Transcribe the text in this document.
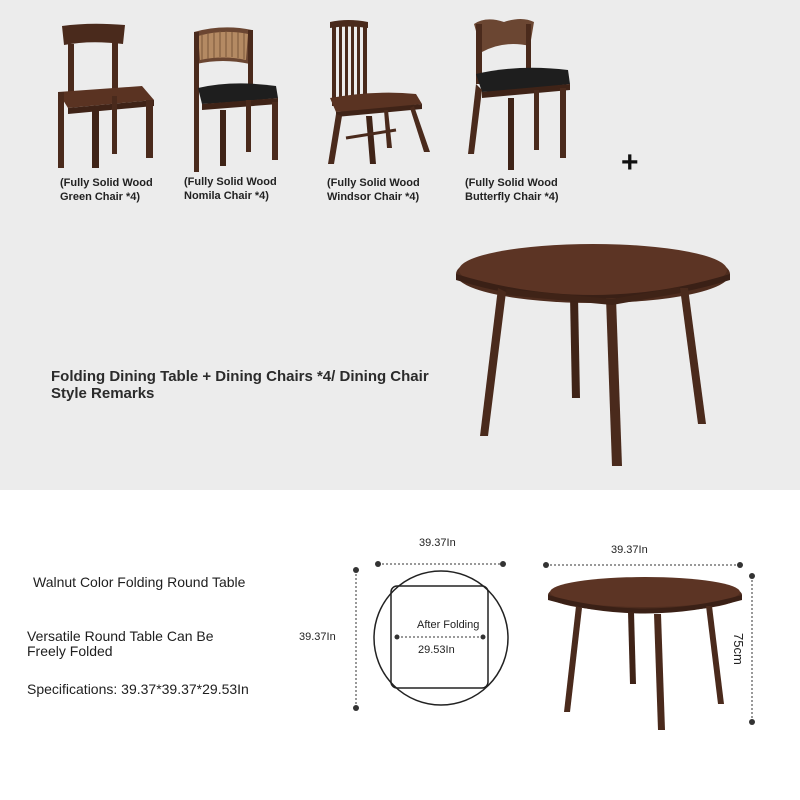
(Fully Solid Wood
Green Chair *4)
(Fully Solid Wood
Nomila Chair *4)
(Fully Solid Wood
Windsor Chair *4)
(Fully Solid Wood
Butterfly Chair *4)
+
Folding Dining Table + Dining Chairs *4/ Dining Chair Style Remarks
Walnut Color Folding Round Table
Versatile Round Table Can Be
Freely Folded
Specifications: 39.37*39.37*29.53In
39.37In
39.37In
After Folding
29.53In
39.37In
75cm
